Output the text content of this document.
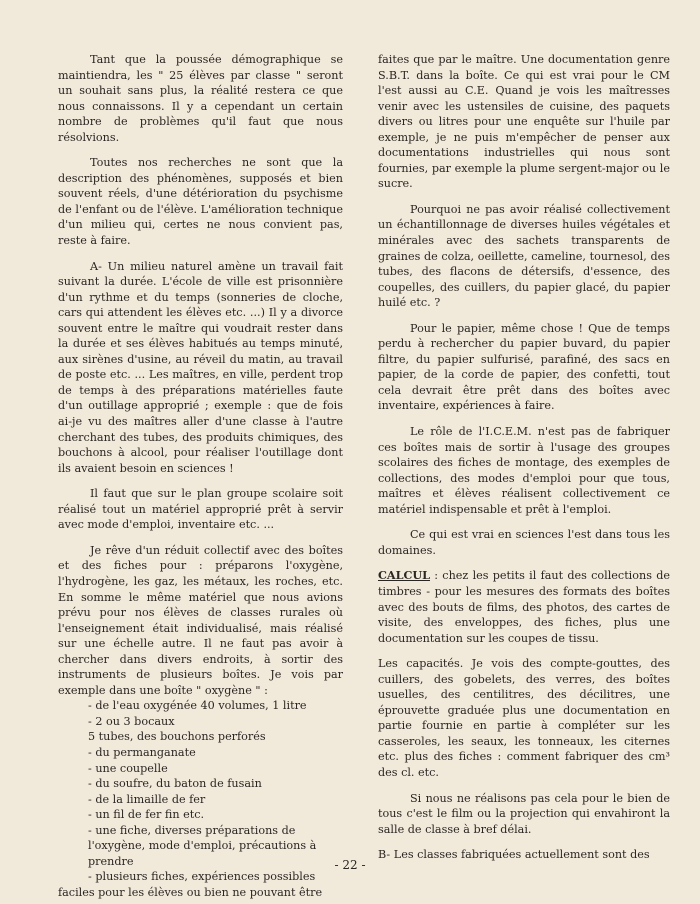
Tant que la poussée démographique se maintiendra, les " 25 élèves par classe " seront un souhait sans plus, la réalité restera ce que nous connaissons. Il y a cependant un certain nombre de problèmes qu'il faut que nous résolvions.

Toutes nos recherches ne sont que la description des phénomènes, supposés et bien souvent réels, d'une détérioration du psychisme de l'enfant ou de l'élève. L'amélioration technique d'un milieu qui, certes ne nous convient pas, reste à faire.

A- Un milieu naturel amène un travail fait suivant la durée. L'école de ville est prisonnière d'un rythme et du temps (sonneries de cloche, cars qui attendent les élèves etc. ...) Il y a divorce souvent entre le maître qui voudrait rester dans la durée et ses élèves habitués au temps minuté, aux sirènes d'usine, au réveil du matin, au travail de poste etc. ... Les maîtres, en ville, perdent trop de temps à des préparations matérielles faute d'un outillage approprié ; exemple : que de fois ai-je vu des maîtres aller d'une classe à l'autre cherchant des tubes, des produits chimiques, des bouchons à alcool, pour réaliser l'outillage dont ils avaient besoin en sciences !

Il faut que sur le plan groupe scolaire soit réalisé tout un matériel approprié prêt à servir avec mode d'emploi, inventaire etc. ...

Je rêve d'un réduit collectif avec des boîtes et des fiches pour : préparons l'oxygène, l'hydrogène, les gaz, les métaux, les roches, etc. En somme le même matériel que nous avions prévu pour nos élèves de classes rurales où l'enseignement était individualisé, mais réalisé sur une échelle autre. Il ne faut pas avoir à chercher dans divers endroits, à sortir des instruments de plusieurs boîtes. Je vois par exemple dans une boîte " oxygène " :

- de l'eau oxygénée 40 volumes, 1 litre
- 2 ou 3 bocaux
5 tubes, des bouchons perforés
- du permanganate
- une coupelle
- du soufre, du baton de fusain
- de la limaille de fer
- un fil de fer fin etc.
- une fiche, diverses préparations de l'oxygène, mode d'emploi, précautions à prendre
- plusieurs fiches, expériences possibles

faciles pour les élèves ou bien ne pouvant être

faites que par le maître. Une documentation genre S.B.T. dans la boîte. Ce qui est vrai pour le CM l'est aussi au C.E. Quand je vois les maîtresses venir avec les ustensiles de cuisine, des paquets divers ou litres pour une enquête sur l'huile par exemple, je ne puis m'empêcher de penser aux documentations industrielles qui nous sont fournies, par exemple la plume sergent-major ou le sucre.

Pourquoi ne pas avoir réalisé collectivement un échantillonnage de diverses huiles végétales et minérales avec des sachets transparents de graines de colza, oeillette, cameline, tournesol, des tubes, des flacons de détersifs, d'essence, des coupelles, des cuillers, du papier glacé, du papier huilé etc. ?

Pour le papier, même chose ! Que de temps perdu à rechercher du papier buvard, du papier filtre, du papier sulfurisé, parafiné, des sacs en papier, de la corde de papier, des confetti, tout cela devrait être prêt dans des boîtes avec inventaire, expériences à faire.

Le rôle de l'I.C.E.M. n'est pas de fabriquer ces boîtes mais de sortir à l'usage des groupes scolaires des fiches de montage, des exemples de collections, des modes d'emploi pour que tous, maîtres et élèves réalisent collectivement ce matériel indispensable et prêt à l'emploi.

Ce qui est vrai en sciences l'est dans tous les domaines.

CALCUL : chez les petits il faut des collections de timbres - pour les mesures des formats des boîtes avec des bouts de films, des photos, des cartes de visite, des enveloppes, des fiches, plus une documentation sur les coupes de tissu.

Les capacités. Je vois des compte-gouttes, des cuillers, des gobelets, des verres, des boîtes usuelles, des centilitres, des décilitres, une éprouvette graduée plus une documentation en partie fournie en partie à compléter sur les casseroles, les seaux, les tonneaux, les citernes etc. plus des fiches : comment fabriquer des cm³ des cl. etc.

Si nous ne réalisons pas cela pour le bien de tous c'est le film ou la projection qui envahiront la salle de classe à bref délai.

B- Les classes fabriquées actuellement sont des

- 22 -
